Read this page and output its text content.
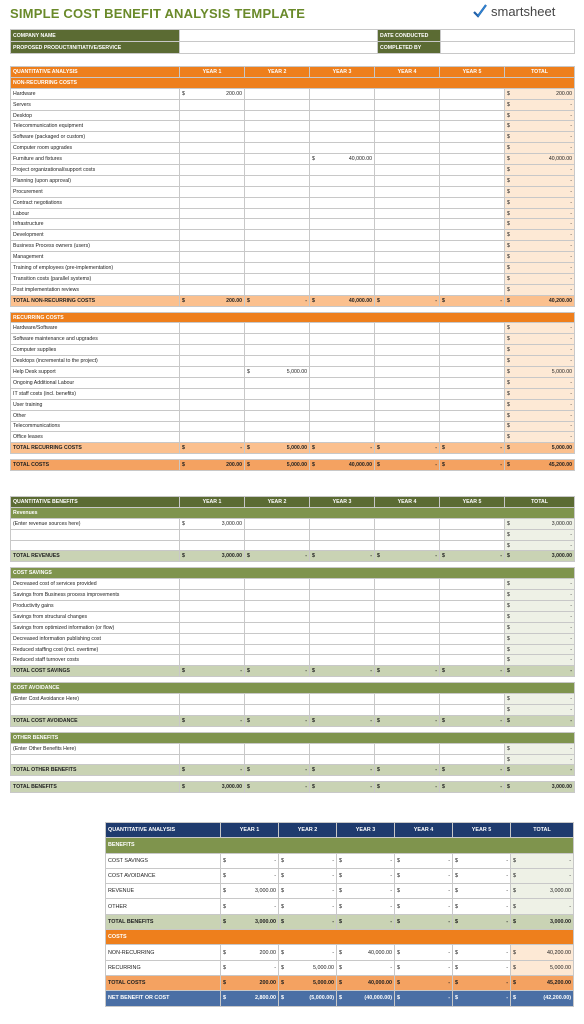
SIMPLE COST BENEFIT ANALYSIS TEMPLATE	smartsheet
COMPANY NAME		DATE CONDUCTED	
PROPOSED PRODUCT/INITIATIVE/SERVICE		COMPLETED BY	
QUANTITATIVE ANALYSIS	YEAR 1	YEAR 2	YEAR 3	YEAR 4	YEAR 5	TOTAL
NON-RECURRING COSTS						
Hardware	$ 200.00					$ 200.00

Servers						$ -

Desktop						$ -

Telecommunication equipment						$ -

Software (packaged or custom)						$ -

Computer room upgrades						$ -

Furniture and fixtures			$ 40,000.00			$ 40,000.00

Project organizational/support costs						$ -

Planning (upon approval)						$ -

Procurement						$ -

Contract negotiations						$ -

Labour						$ -

Infrastructure						$ -

Development						$ -

Business Process owners (users)						$ -

Management						$ -

Training of employees (pre-implementation)						$ -

Transition costs (parallel systems)						$ -

Post implementation reviews						$ -

TOTAL NON-RECURRING COSTS	$ 200.00	$ -	$ 40,000.00	$ -	$ -	$ 40,200.00

RECURRING COSTS						
Hardware/Software						$ -

Software maintenance and upgrades						$ -

Computer supplies						$ -

Desktops (incremental to the project)						$ -

Help Desk support		$ 5,000.00				$ 5,000.00

Ongoing Additional Labour						$ -

IT staff costs (incl. benefits)						$ -

User training						$ -

Other						$ -

Telecommunications						$ -

Office leases						$ -

TOTAL RECURRING COSTS	$ -	$ 5,000.00	$ -	$ -	$ -	$ 5,000.00

TOTAL COSTS	$ 200.00	$ 5,000.00	$ 40,000.00	$ -	$ -	$ 45,200.00
QUANTITATIVE BENEFITS	YEAR 1	YEAR 2	YEAR 3	YEAR 4	YEAR 5	TOTAL
Revenues						
(Enter revenue sources here)	$ 3,000.00					$ 3,000.00

						$ -

						$ -

TOTAL REVENUES	$ 3,000.00	$ -	$ -	$ -	$ -	$ 3,000.00

COST SAVINGS						
Decreased cost of services provided						$ -

Savings from Business process improvements						$ -

Productivity gains						$ -

Savings from structural changes						$ -

Savings from optimized information (or flow)						$ -

Decreased information publishing cost						$ -

Reduced staffing cost (incl. overtime)						$ -

Reduced staff turnover costs						$ -

TOTAL COST SAVINGS	$ -	$ -	$ -	$ -	$ -	$ -

COST AVOIDANCE						
(Enter Cost Avoidance Here)						$ -

						$ -

TOTAL COST AVOIDANCE	$ -	$ -	$ -	$ -	$ -	$ -

OTHER BENEFITS						
(Enter Other Benefits Here)						$ -

						$ -

TOTAL OTHER BENEFITS	$ -	$ -	$ -	$ -	$ -	$ -

TOTAL BENEFITS	$ 3,000.00	$ -	$ -	$ -	$ -	$ 3,000.00
QUANTITATIVE ANALYSIS	YEAR 1	YEAR 2	YEAR 3	YEAR 4	YEAR 5	TOTAL
BENEFITS						
COST SAVINGS	$ -	$ -	$ -	$ -	$ -	$ -

COST AVOIDANCE	$ -	$ -	$ -	$ -	$ -	$ -

REVENUE	$ 3,000.00	$ -	$ -	$ -	$ -	$ 3,000.00

OTHER	$ -	$ -	$ -	$ -	$ -	$ -

TOTAL BENEFITS	$ 3,000.00	$ -	$ -	$ -	$ -	$ 3,000.00

COSTS						
NON-RECURRING	$ 200.00	$ -	$ 40,000.00	$ -	$ -	$ 40,200.00

RECURRING	$ -	$ 5,000.00	$ -	$ -	$ -	$ 5,000.00

TOTAL COSTS	$ 200.00	$ 5,000.00	$ 40,000.00	$ -	$ -	$ 45,200.00

NET BENEFIT OR COST	$ 2,800.00	$ (5,000.00)	$ (40,000.00)	$ -	$ -	$ (42,200.00)
